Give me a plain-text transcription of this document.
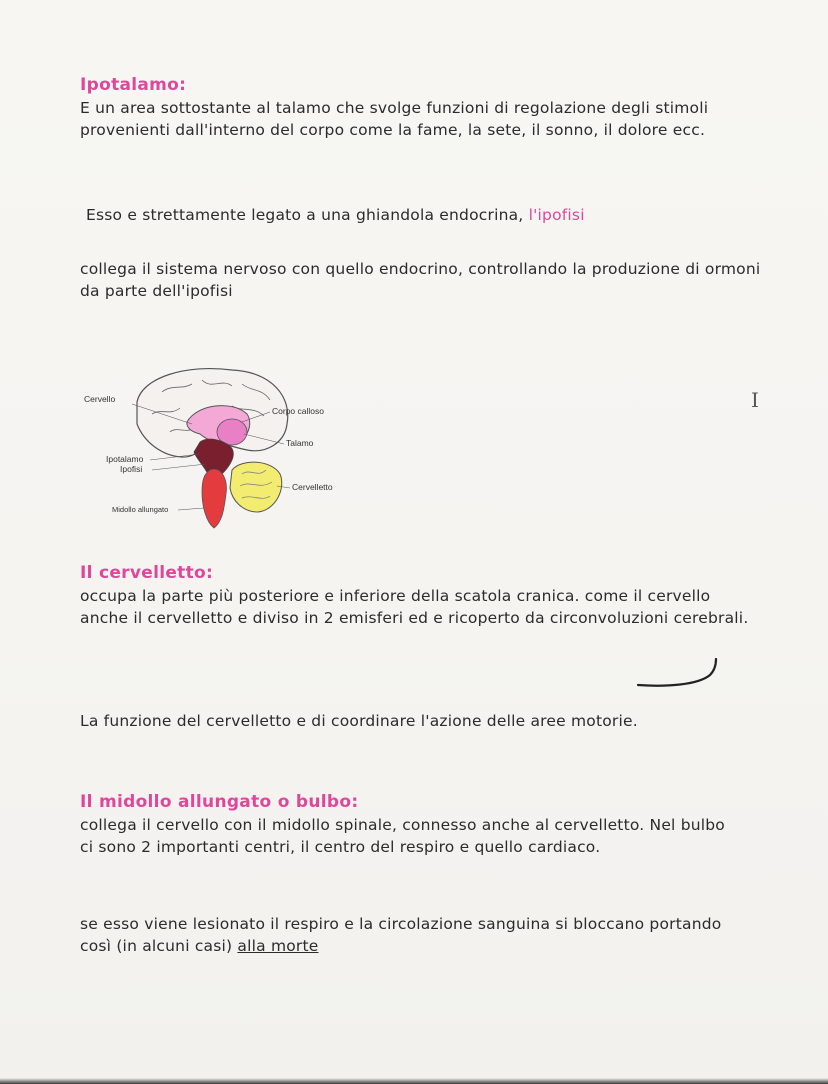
Ipotalamo:
E un area sottostante al talamo che svolge funzioni di regolazione degli stimoli provenienti dall'interno del corpo come la fame, la sete, il sonno, il dolore ecc.
Esso e strettamente legato a una ghiandola endocrina, l'ipofisi
collega il sistema nervoso con quello endocrino, controllando la produzione di ormoni da parte dell'ipofisi
Cervello
Corpo calloso
Talamo
Ipotalamo
Ipofisi
Cervelletto
Midollo allungato
I
Il cervelletto:
occupa la parte più posteriore e inferiore della scatola cranica. come il cervello anche il cervelletto e diviso in 2 emisferi ed e ricoperto da circonvoluzioni cerebrali.
La funzione del cervelletto e di coordinare l'azione delle aree motorie.
Il midollo allungato o bulbo:
collega il cervello con il midollo spinale, connesso anche al cervelletto. Nel bulbo ci sono 2 importanti centri, il centro del respiro e quello cardiaco.
se esso viene lesionato il respiro e la circolazione sanguina si bloccano portando così (in alcuni casi) alla morte
